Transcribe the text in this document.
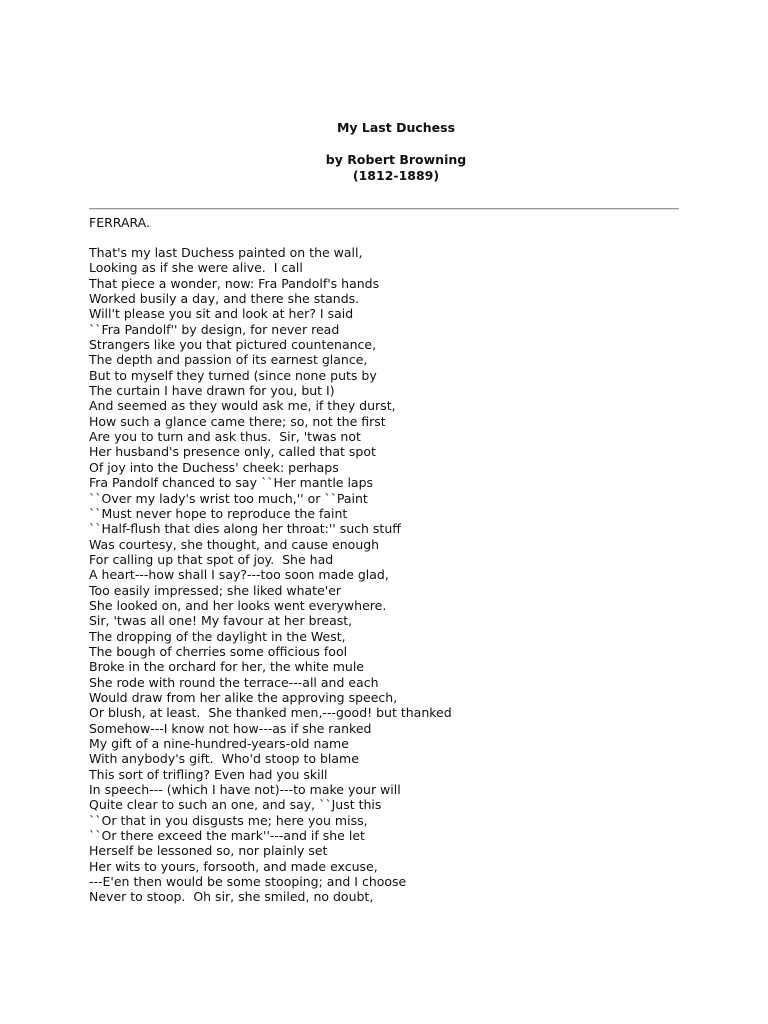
My Last Duchess

by Robert Browning

(1812-1889)

FERRARA.

That's my last Duchess painted on the wall,
Looking as if she were alive.  I call
That piece a wonder, now: Fra Pandolf's hands
Worked busily a day, and there she stands.
Will't please you sit and look at her? I said
``Fra Pandolf'' by design, for never read
Strangers like you that pictured countenance,
The depth and passion of its earnest glance,
But to myself they turned (since none puts by
The curtain I have drawn for you, but I)
And seemed as they would ask me, if they durst,
How such a glance came there; so, not the first
Are you to turn and ask thus.  Sir, 'twas not
Her husband's presence only, called that spot
Of joy into the Duchess' cheek: perhaps
Fra Pandolf chanced to say ``Her mantle laps
``Over my lady's wrist too much,'' or ``Paint
``Must never hope to reproduce the faint
``Half-flush that dies along her throat:'' such stuff
Was courtesy, she thought, and cause enough
For calling up that spot of joy.  She had
A heart---how shall I say?---too soon made glad,
Too easily impressed; she liked whate'er
She looked on, and her looks went everywhere.
Sir, 'twas all one! My favour at her breast,
The dropping of the daylight in the West,
The bough of cherries some officious fool
Broke in the orchard for her, the white mule
She rode with round the terrace---all and each
Would draw from her alike the approving speech,
Or blush, at least.  She thanked men,---good! but thanked
Somehow---I know not how---as if she ranked
My gift of a nine-hundred-years-old name
With anybody's gift.  Who'd stoop to blame
This sort of trifling? Even had you skill
In speech--- (which I have not)---to make your will
Quite clear to such an one, and say, ``Just this
``Or that in you disgusts me; here you miss,
``Or there exceed the mark''---and if she let
Herself be lessoned so, nor plainly set
Her wits to yours, forsooth, and made excuse,
---E'en then would be some stooping; and I choose
Never to stoop.  Oh sir, she smiled, no doubt,
